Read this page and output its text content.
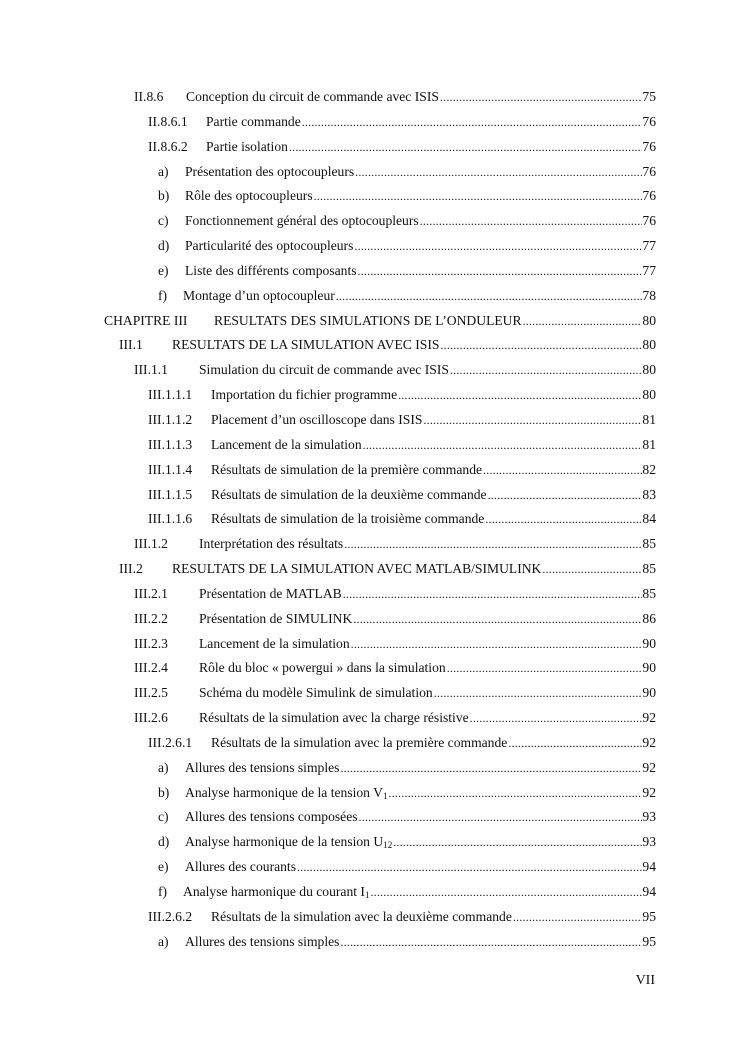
II.8.6	Conception du circuit de commande avec ISIS .....	75
II.8.6.1	Partie commande .....	76
II.8.6.2	Partie isolation .....	76
a)	Présentation des optocoupleurs .....	76
b)	Rôle des optocoupleurs .....	76
c)	Fonctionnement général des optocoupleurs .....	76
d)	Particularité des optocoupleurs .....	77
e)	Liste des différents composants .....	77
f)	Montage d’un optocoupleur .....	78
CHAPITRE III	RESULTATS DES SIMULATIONS DE L’ONDULEUR .....	80
III.1	RESULTATS DE LA SIMULATION AVEC ISIS .....	80
III.1.1	Simulation du circuit de commande avec ISIS .....	80
III.1.1.1	Importation du fichier programme .....	80
III.1.1.2	Placement d’un oscilloscope dans ISIS .....	81
III.1.1.3	Lancement de la simulation .....	81
III.1.1.4	Résultats de simulation de la première commande .....	82
III.1.1.5	Résultats de simulation de la deuxième commande .....	83
III.1.1.6	Résultats de simulation de la troisième commande .....	84
III.1.2	Interprétation des résultats .....	85
III.2	RESULTATS DE LA SIMULATION AVEC MATLAB/SIMULINK .....	85
III.2.1	Présentation de MATLAB .....	85
III.2.2	Présentation de SIMULINK .....	86
III.2.3	Lancement de la simulation .....	90
III.2.4	Rôle du bloc « powergui » dans la simulation .....	90
III.2.5	Schéma du modèle Simulink de simulation .....	90
III.2.6	Résultats de la simulation avec la charge résistive .....	92
III.2.6.1	Résultats de la simulation avec la première commande .....	92
a)	Allures des tensions simples .....	92
b)	Analyse harmonique de la tension $V_1$ .....	92
c)	Allures des tensions composées .....	93
d)	Analyse harmonique de la tension $U_{12}$ .....	93
e)	Allures des courants .....	94
f)	Analyse harmonique du courant $I_1$ .....	94
III.2.6.2	Résultats de la simulation avec la deuxième commande .....	95
a)	Allures des tensions simples .....	95
VII
